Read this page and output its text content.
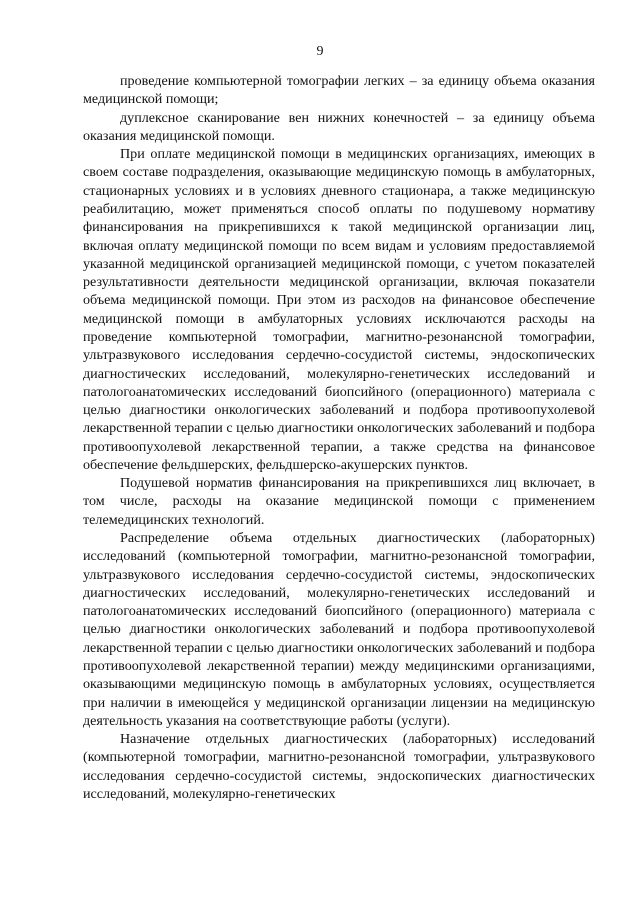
9

проведение компьютерной томографии легких – за единицу объема оказания медицинской помощи;

дуплексное сканирование вен нижних конечностей – за единицу объема оказания медицинской помощи.

При оплате медицинской помощи в медицинских организациях, имеющих в своем составе подразделения, оказывающие медицинскую помощь в амбулаторных, стационарных условиях и в условиях дневного стационара, а также медицинскую реабилитацию, может применяться способ оплаты по подушевому нормативу финансирования на прикрепившихся к такой медицинской организации лиц, включая оплату медицинской помощи по всем видам и условиям предоставляемой указанной медицинской организацией медицинской помощи, с учетом показателей результативности деятельности медицинской организации, включая показатели объема медицинской помощи. При этом из расходов на финансовое обеспечение медицинской помощи в амбулаторных условиях исключаются расходы на проведение компьютерной томографии, магнитно-резонансной томографии, ультразвукового исследования сердечно-сосудистой системы, эндоскопических диагностических исследований, молекулярно-генетических исследований и патологоанатомических исследований биопсийного (операционного) материала с целью диагностики онкологических заболеваний и подбора противоопухолевой лекарственной терапии с целью диагностики онкологических заболеваний и подбора противоопухолевой лекарственной терапии, а также средства на финансовое обеспечение фельдшерских, фельдшерско-акушерских пунктов.

Подушевой норматив финансирования на прикрепившихся лиц включает, в том числе, расходы на оказание медицинской помощи с применением телемедицинских технологий.

Распределение объема отдельных диагностических (лабораторных) исследований (компьютерной томографии, магнитно-резонансной томографии, ультразвукового исследования сердечно-сосудистой системы, эндоскопических диагностических исследований, молекулярно-генетических исследований и патологоанатомических исследований биопсийного (операционного) материала с целью диагностики онкологических заболеваний и подбора противоопухолевой лекарственной терапии с целью диагностики онкологических заболеваний и подбора противоопухолевой лекарственной терапии) между медицинскими организациями, оказывающими медицинскую помощь в амбулаторных условиях, осуществляется при наличии в имеющейся у медицинской организации лицензии на медицинскую деятельность указания на соответствующие работы (услуги).

Назначение отдельных диагностических (лабораторных) исследований (компьютерной томографии, магнитно-резонансной томографии, ультразвукового исследования сердечно-сосудистой системы, эндоскопических диагностических исследований, молекулярно-генетических
